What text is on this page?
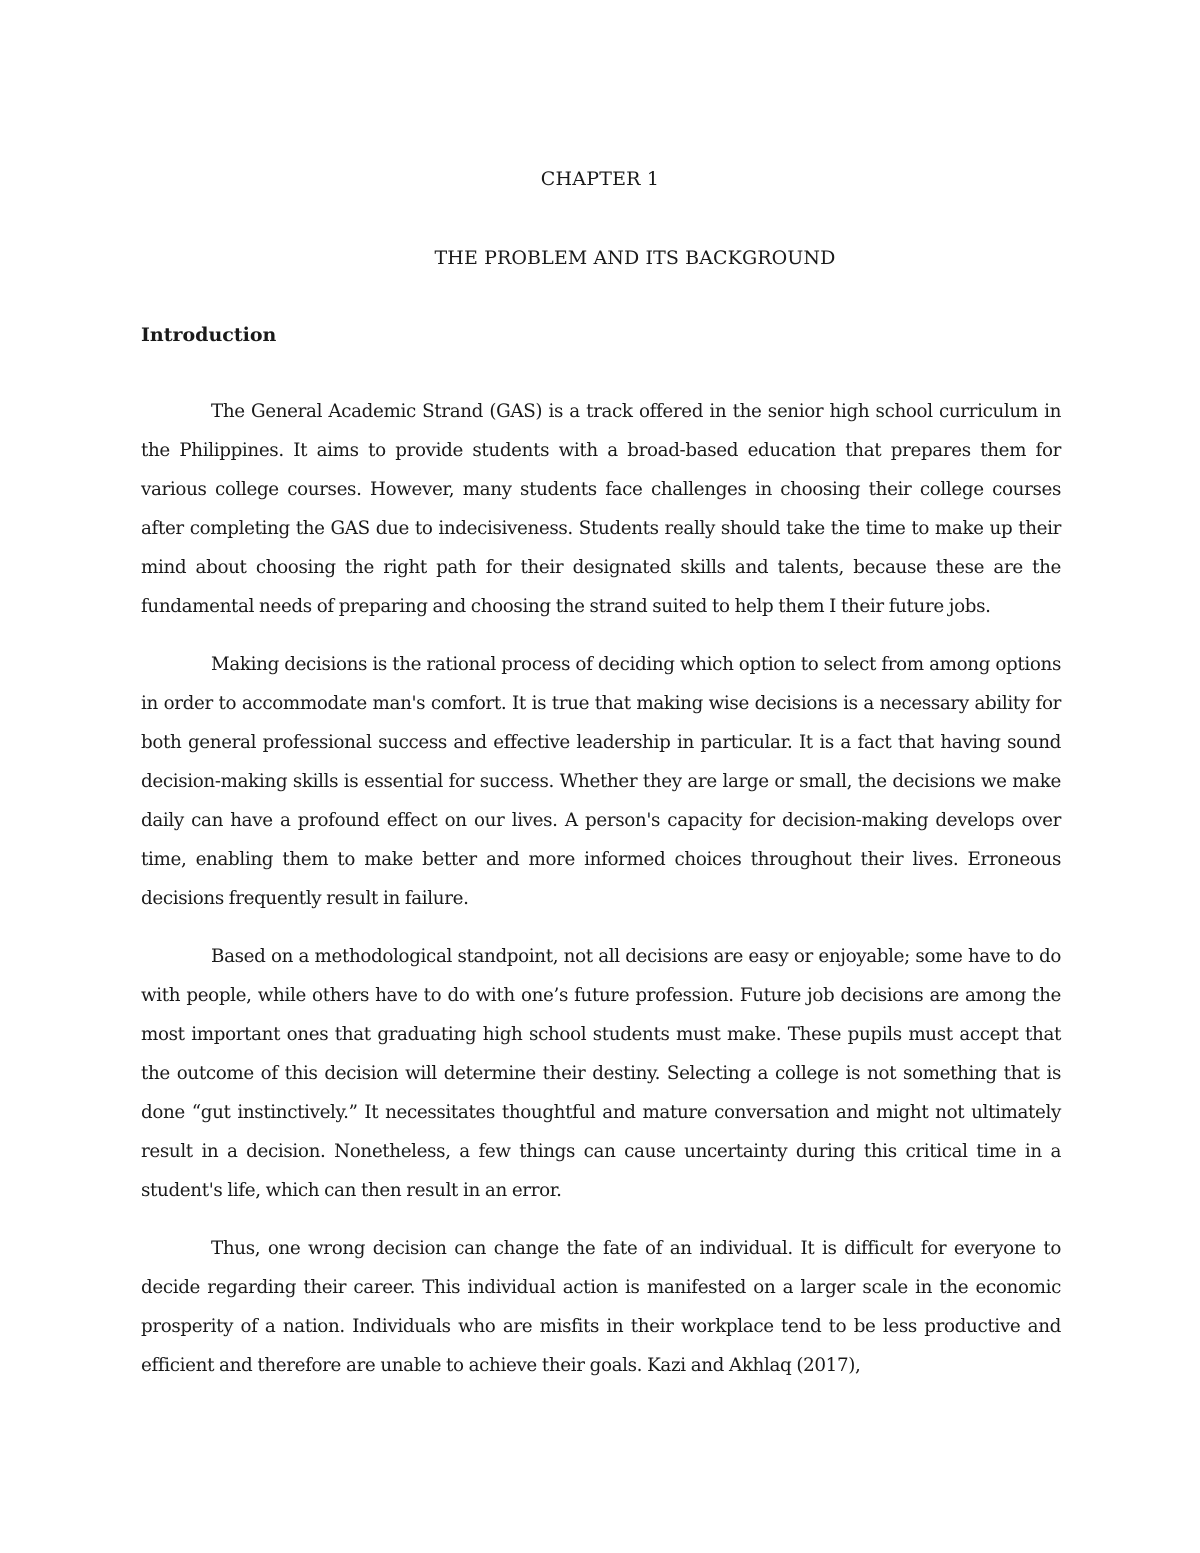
CHAPTER 1
THE PROBLEM AND ITS BACKGROUND
Introduction

The General Academic Strand (GAS) is a track offered in the senior high school curriculum in the Philippines. It aims to provide students with a broad-based education that prepares them for various college courses. However, many students face challenges in choosing their college courses after completing the GAS due to indecisiveness. Students really should take the time to make up their mind about choosing the right path for their designated skills and talents, because these are the fundamental needs of preparing and choosing the strand suited to help them I their future jobs.

Making decisions is the rational process of deciding which option to select from among options in order to accommodate man's comfort. It is true that making wise decisions is a necessary ability for both general professional success and effective leadership in particular. It is a fact that having sound decision-making skills is essential for success. Whether they are large or small, the decisions we make daily can have a profound effect on our lives. A person's capacity for decision-making develops over time, enabling them to make better and more informed choices throughout their lives. Erroneous decisions frequently result in failure.

Based on a methodological standpoint, not all decisions are easy or enjoyable; some have to do with people, while others have to do with one’s future profession. Future job decisions are among the most important ones that graduating high school students must make. These pupils must accept that the outcome of this decision will determine their destiny. Selecting a college is not something that is done “gut instinctively.” It necessitates thoughtful and mature conversation and might not ultimately result in a decision. Nonetheless, a few things can cause uncertainty during this critical time in a student's life, which can then result in an error.

Thus, one wrong decision can change the fate of an individual. It is difficult for everyone to decide regarding their career. This individual action is manifested on a larger scale in the economic prosperity of a nation. Individuals who are misfits in their workplace tend to be less productive and efficient and therefore are unable to achieve their goals. Kazi and Akhlaq (2017),
